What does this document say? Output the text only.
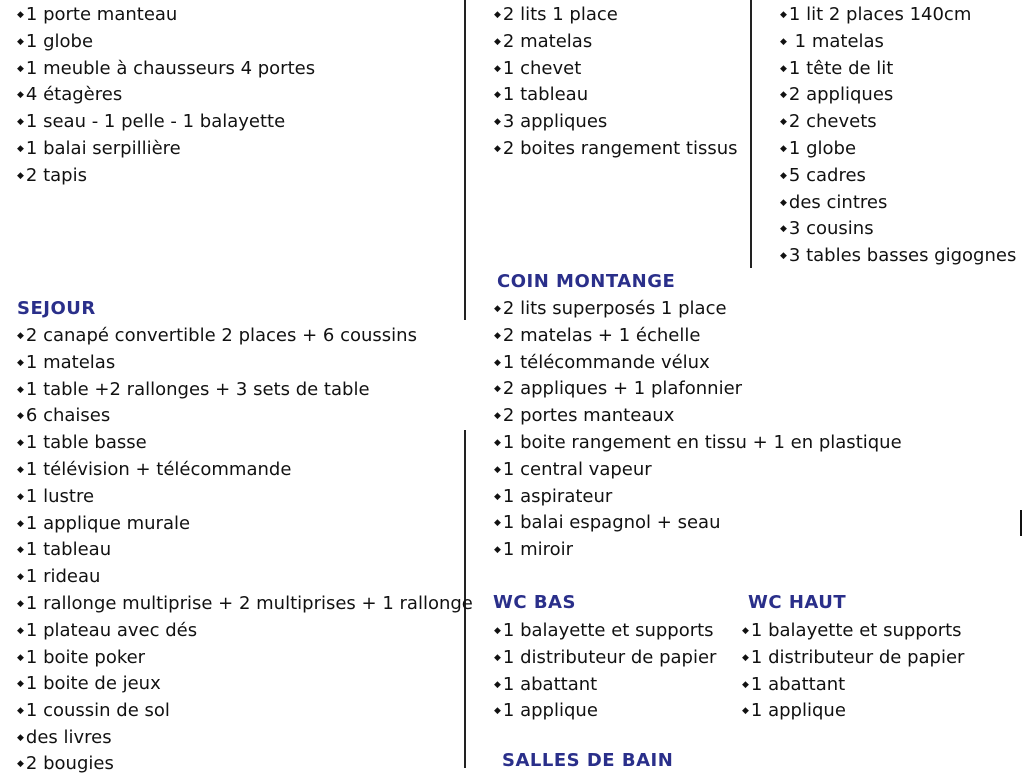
◆ 1 porte manteau
◆ 1 globe
◆ 1 meuble à chausseurs 4 portes
◆ 4 étagères
◆ 1 seau - 1 pelle - 1 balayette
◆ 1 balai serpillière
◆ 2 tapis
◆ 2 lits 1 place
◆ 2 matelas
◆ 1 chevet
◆ 1 tableau
◆ 3 appliques
◆ 2 boites rangement tissus
◆ 1 lit 2 places 140cm
◆ 1 matelas
◆ 1 tête de lit
◆ 2 appliques
◆ 2 chevets
◆ 1 globe
◆ 5 cadres
◆ des cintres
◆ 3 cousins
◆ 3 tables basses gigognes
SEJOUR
◆ 2 canapé convertible 2 places + 6 coussins
◆ 1 matelas
◆ 1 table +2 rallonges + 3 sets de table
◆ 6 chaises
◆ 1 table basse
◆ 1 télévision + télécommande
◆ 1 lustre
◆ 1 applique murale
◆ 1 tableau
◆ 1 rideau
◆ 1 rallonge multiprise + 2 multiprises + 1 rallonge
◆ 1 plateau avec dés
◆ 1 boite poker
◆ 1 boite de jeux
◆ 1 coussin de sol
◆ des livres
◆ 2 bougies
COIN MONTANGE
◆ 2 lits superposés 1 place
◆ 2 matelas + 1 échelle
◆ 1 télécommande vélux
◆ 2 appliques + 1 plafonnier
◆ 2 portes manteaux
◆ 1 boite rangement en tissu + 1 en plastique
◆ 1 central vapeur
◆ 1 aspirateur
◆ 1 balai espagnol + seau
◆ 1 miroir
WC BAS
◆ 1 balayette et supports
◆ 1 distributeur de papier
◆ 1 abattant
◆ 1 applique
WC HAUT
◆ 1 balayette et supports
◆ 1 distributeur de papier
◆ 1 abattant
◆ 1 applique
SALLES DE BAIN
